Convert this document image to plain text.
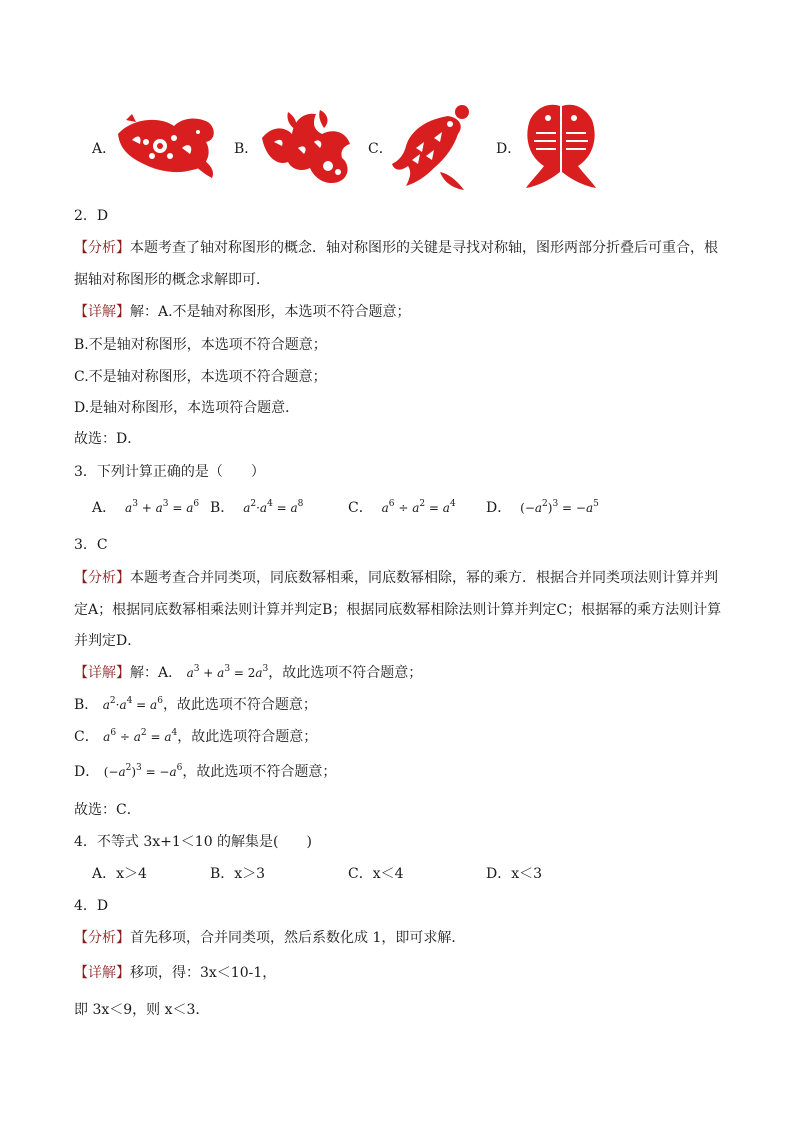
A．	B．	C．	D．
2．D
【分析】本题考查了轴对称图形的概念．轴对称图形的关键是寻找对称轴，图形两部分折叠后可重合，根
据轴对称图形的概念求解即可．
【详解】解：A.不是轴对称图形，本选项不符合题意；
B.不是轴对称图形，本选项不符合题意；
C.不是轴对称图形，本选项不符合题意；
D.是轴对称图形，本选项符合题意．
故选：D．
3．下列计算正确的是（　　）
A． $a^3 + a^3 = a^6$ B． $a^2\cdot a^4 = a^8$	C． $a^6 \div a^2 = a^4$ D． $(-a^2)^3 = -a^5$
3．C
【分析】本题考查合并同类项，同底数幂相乘，同底数幂相除，幂的乘方．根据合并同类项法则计算并判
定A；根据同底数幂相乘法则计算并判定B；根据同底数幂相除法则计算并判定C；根据幂的乘方法则计算
并判定D．
【详解】解：A． $a^3 + a^3 = 2a^3$，故此选项不符合题意；
B． $a^2\cdot a^4 = a^6$，故此选项不符合题意；
C． $a^6 \div a^2 = a^4$，故此选项符合题意；
D． $(-a^2)^3 = -a^6$，故此选项不符合题意；
故选：C．
4．不等式 3x+1＜10 的解集是(　　)
A．x＞4	B．x＞3	C．x＜4	D．x＜3
4．D
【分析】首先移项，合并同类项，然后系数化成 1，即可求解．
【详解】移项，得：3x＜10-1，
即 3x＜9，则 x＜3．
